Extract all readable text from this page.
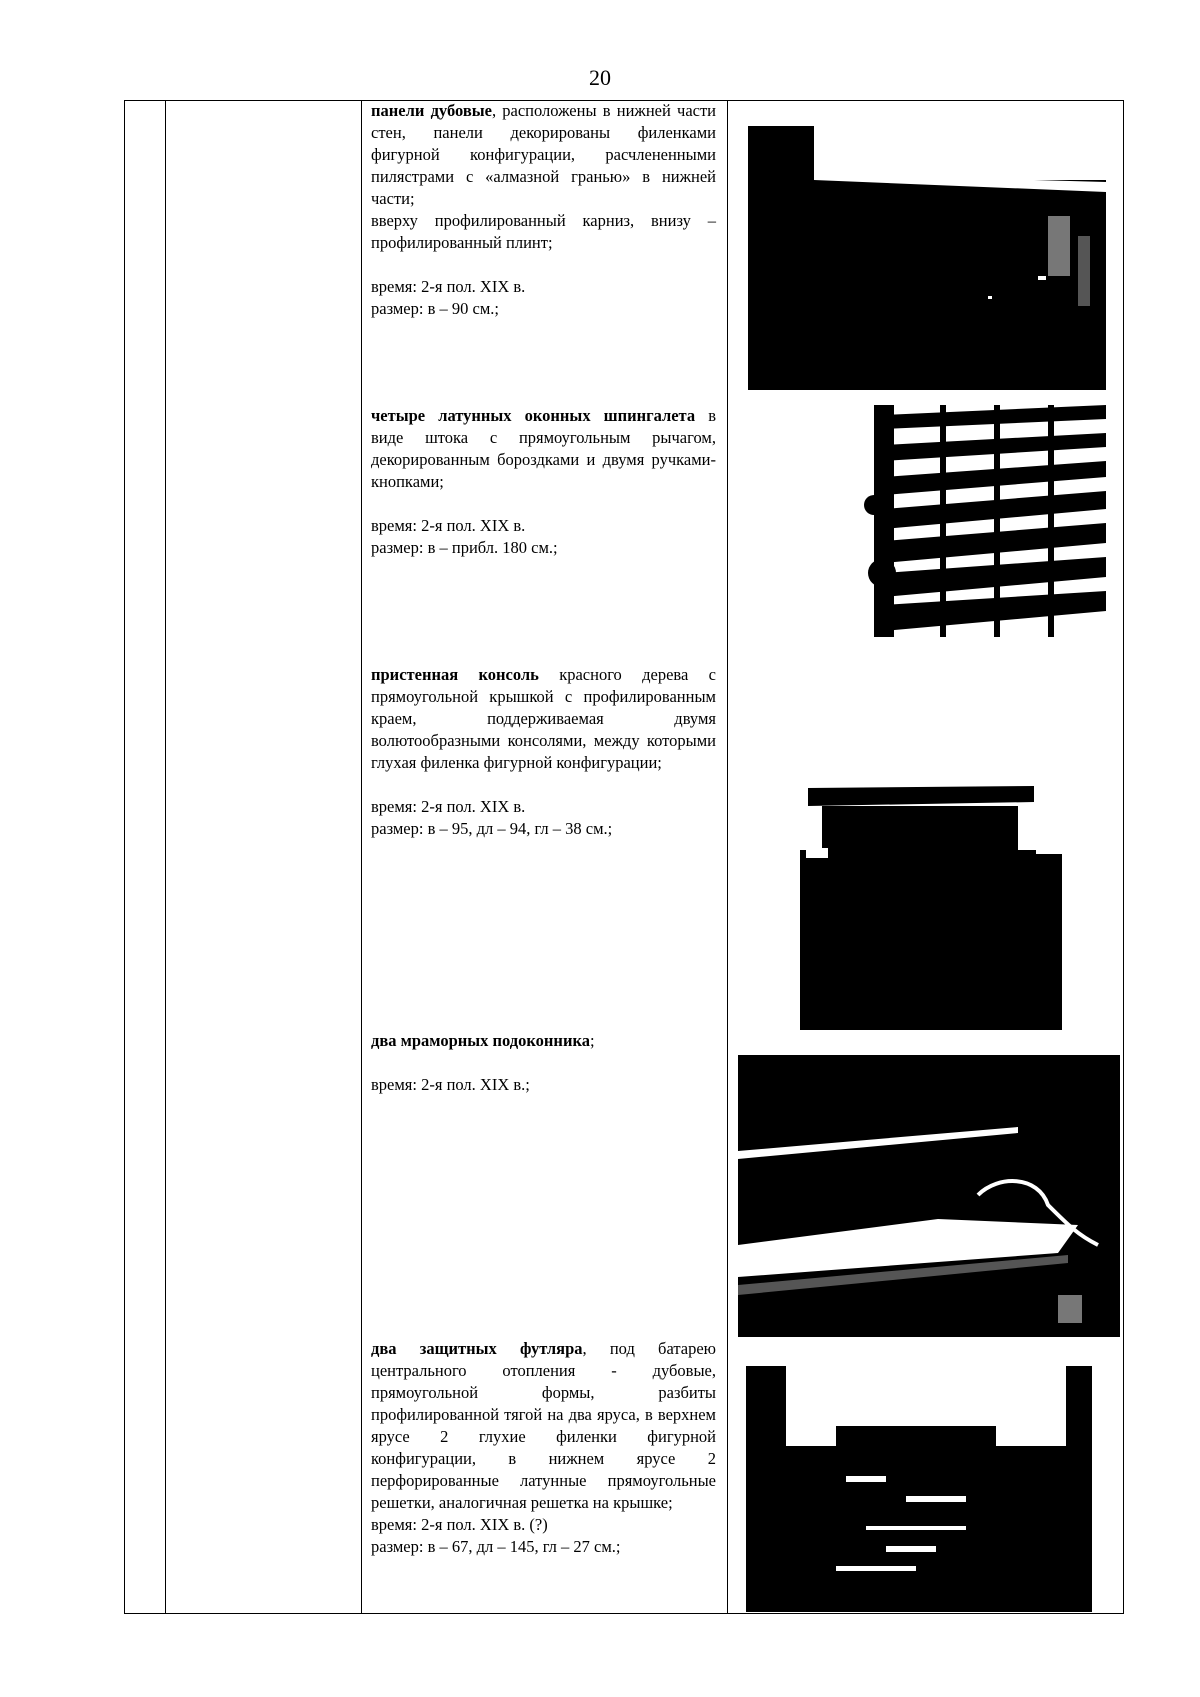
20

панели дубовые, расположены в нижней части стен, панели декорированы филенками фигурной конфигурации, расчлененными пилястрами с «алмазной гранью» в нижней части;

вверху профилированный карниз, внизу – профилированный плинт;

время: 2-я пол. XIX в.

размер: в – 90 см.;

четыре латунных оконных шпингалета в виде штока с прямоугольным рычагом, декорированным бороздками и двумя ручками-кнопками;

время: 2-я пол. XIX в.

размер: в – прибл. 180 см.;

пристенная консоль красного дерева с прямоугольной крышкой с профилированным краем, поддерживаемая двумя волютообразными консолями, между которыми глухая филенка фигурной конфигурации;

время: 2-я пол. XIX в.

размер: в – 95, дл – 94, гл – 38 см.;

два мраморных подоконника;

время: 2-я пол. XIX в.;

два защитных футляра, под батарею центрального отопления - дубовые, прямоугольной формы, разбиты профилированной тягой на два яруса, в верхнем ярусе 2 глухие филенки фигурной конфигурации, в нижнем ярусе 2 перфорированные латунные прямоугольные решетки, аналогичная решетка на крышке;

время: 2-я пол. XIX в. (?)

размер: в – 67, дл – 145, гл – 27 см.;
